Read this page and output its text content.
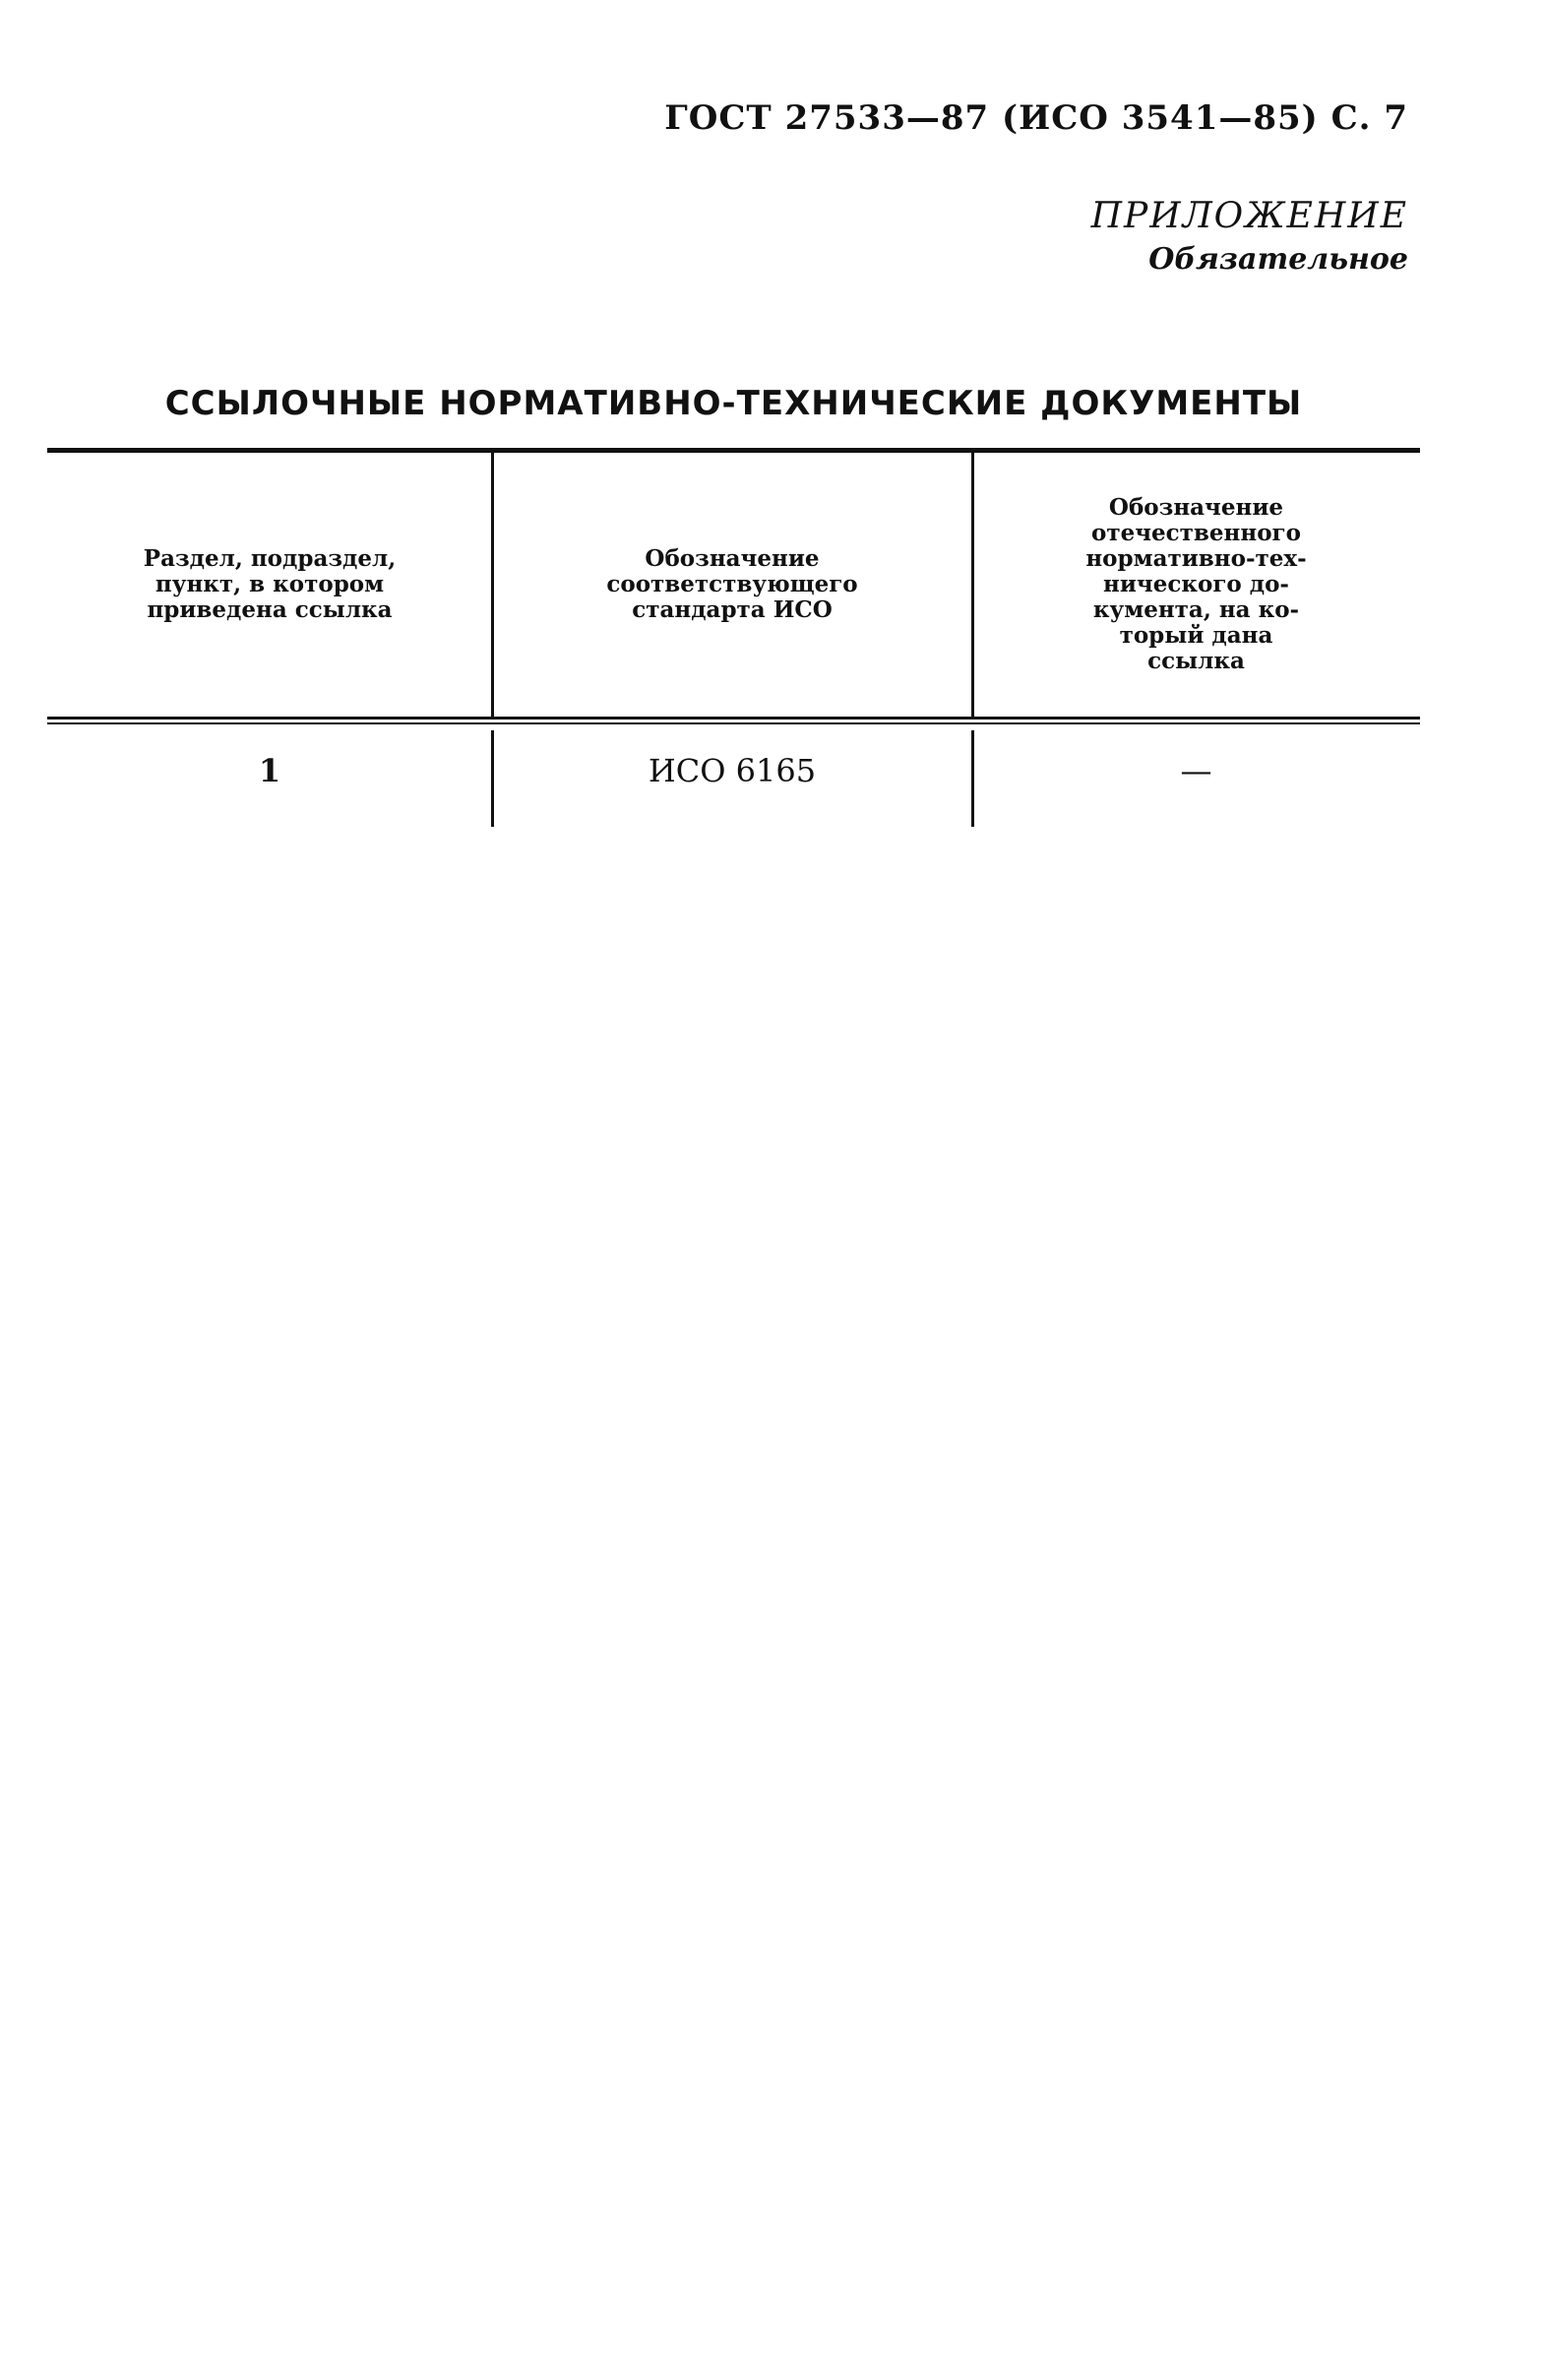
ГОСТ 27533—87 (ИСО 3541—85) С. 7
ПРИЛОЖЕНИЕ
Обязательное
ССЫЛОЧНЫЕ НОРМАТИВНО-ТЕХНИЧЕСКИЕ ДОКУМЕНТЫ
Раздел, подраздел,
пункт, в котором
приведена ссылка
Обозначение
соответствующего
стандарта ИСО
Обозначение
отечественного
нормативно-тех-
нического до-
кумента, на ко-
торый дана
ссылка
1	ИСО 6165	—
